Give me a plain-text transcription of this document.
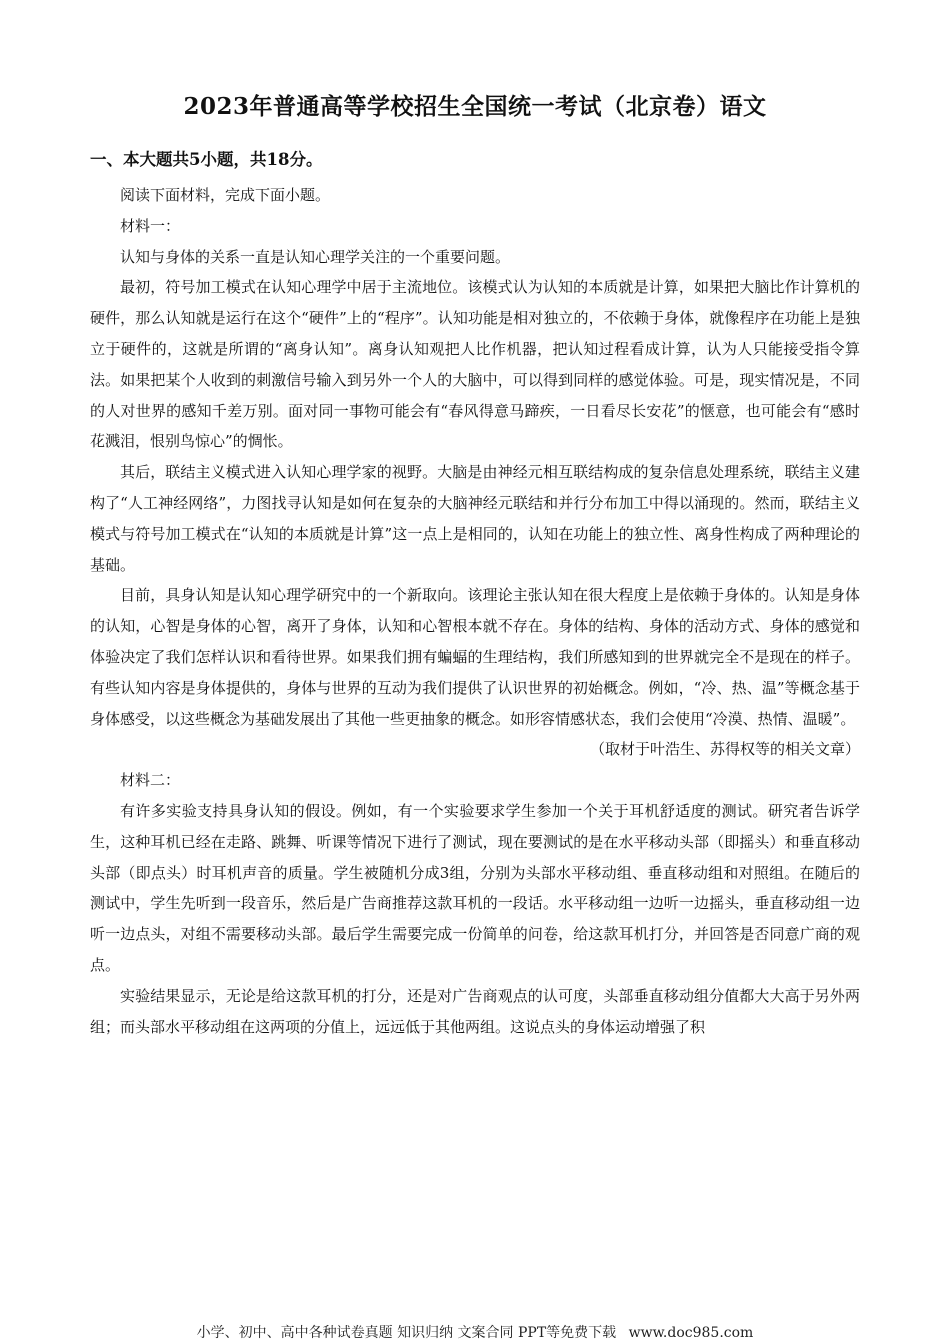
2023年普通高等学校招生全国统一考试（北京卷）语文
一、本大题共5小题，共18分。

阅读下面材料，完成下面小题。

材料一：

认知与身体的关系一直是认知心理学关注的一个重要问题。

最初，符号加工模式在认知心理学中居于主流地位。该模式认为认知的本质就是计算，如果把大脑比作计算机的硬件，那么认知就是运行在这个“硬件”上的“程序”。认知功能是相对独立的，不依赖于身体，就像程序在功能上是独立于硬件的，这就是所谓的“离身认知”。离身认知观把人比作机器，把认知过程看成计算，认为人只能接受指令算法。如果把某个人收到的刺激信号输入到另外一个人的大脑中，可以得到同样的感觉体验。可是，现实情况是，不同的人对世界的感知千差万别。面对同一事物可能会有“春风得意马蹄疾，一日看尽长安花”的惬意，也可能会有“感时花溅泪，恨别鸟惊心”的惆怅。

其后，联结主义模式进入认知心理学家的视野。大脑是由神经元相互联结构成的复杂信息处理系统，联结主义建构了“人工神经网络”，力图找寻认知是如何在复杂的大脑神经元联结和并行分布加工中得以涌现的。然而，联结主义模式与符号加工模式在“认知的本质就是计算”这一点上是相同的，认知在功能上的独立性、离身性构成了两种理论的基础。

目前，具身认知是认知心理学研究中的一个新取向。该理论主张认知在很大程度上是依赖于身体的。认知是身体的认知，心智是身体的心智，离开了身体，认知和心智根本就不存在。身体的结构、身体的活动方式、身体的感觉和体验决定了我们怎样认识和看待世界。如果我们拥有蝙蝠的生理结构，我们所感知到的世界就完全不是现在的样子。有些认知内容是身体提供的，身体与世界的互动为我们提供了认识世界的初始概念。例如，“冷、热、温”等概念基于身体感受，以这些概念为基础发展出了其他一些更抽象的概念。如形容情感状态，我们会使用“冷漠、热情、温暖”。

（取材于叶浩生、苏得权等的相关文章）

材料二：

有许多实验支持具身认知的假设。例如，有一个实验要求学生参加一个关于耳机舒适度的测试。研究者告诉学生，这种耳机已经在走路、跳舞、听课等情况下进行了测试，现在要测试的是在水平移动头部（即摇头）和垂直移动头部（即点头）时耳机声音的质量。学生被随机分成3组，分别为头部水平移动组、垂直移动组和对照组。在随后的测试中，学生先听到一段音乐，然后是广告商推荐这款耳机的一段话。水平移动组一边听一边摇头，垂直移动组一边听一边点头，对组不需要移动头部。最后学生需要完成一份简单的问卷，给这款耳机打分，并回答是否同意广商的观点。

实验结果显示，无论是给这款耳机的打分，还是对广告商观点的认可度，头部垂直移动组分值都大大高于另外两组；而头部水平移动组在这两项的分值上，远远低于其他两组。这说点头的身体运动增强了积

小学、初中、高中各种试卷真题 知识归纳 文案合同 PPT等免费下载 www.doc985.com
